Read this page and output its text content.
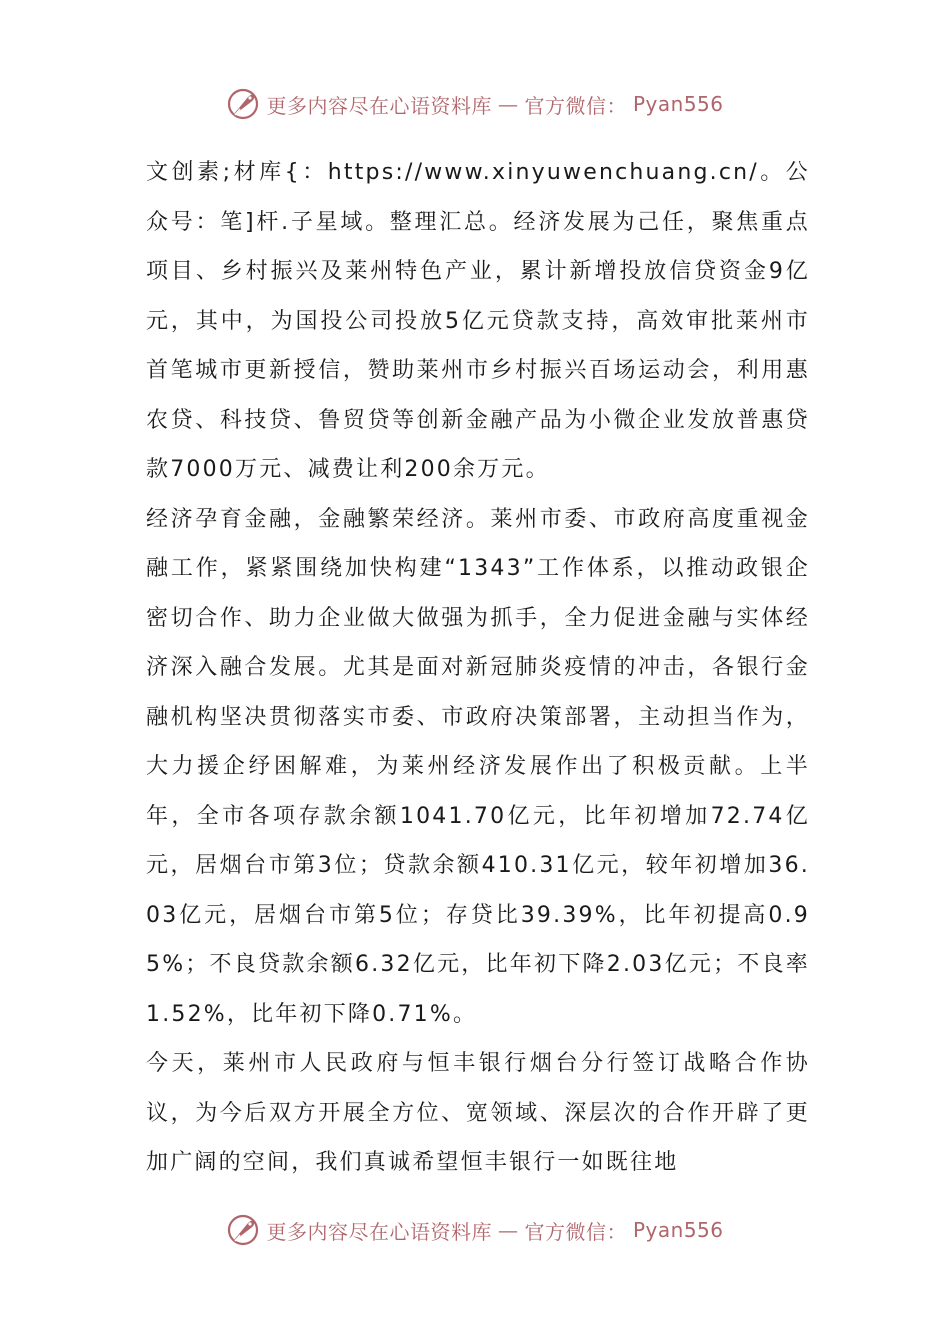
更多内容尽在心语资料库 — 官方微信： Pyan556

文创素;材库{：https://www.xinyuwenchuang.cn/。公众号：笔]杆.子星域。整理汇总。经济发展为己任，聚焦重点项目、乡村振兴及莱州特色产业，累计新增投放信贷资金9亿元，其中，为国投公司投放5亿元贷款支持，高效审批莱州市首笔城市更新授信，赞助莱州市乡村振兴百场运动会，利用惠农贷、科技贷、鲁贸贷等创新金融产品为小微企业发放普惠贷款7000万元、减费让利200余万元。

经济孕育金融，金融繁荣经济。莱州市委、市政府高度重视金融工作，紧紧围绕加快构建“1343”工作体系，以推动政银企密切合作、助力企业做大做强为抓手，全力促进金融与实体经济深入融合发展。尤其是面对新冠肺炎疫情的冲击，各银行金融机构坚决贯彻落实市委、市政府决策部署，主动担当作为，大力援企纾困解难，为莱州经济发展作出了积极贡献。上半年，全市各项存款余额1041.70亿元，比年初增加72.74亿元，居烟台市第3位；贷款余额410.31亿元，较年初增加36.03亿元，居烟台市第5位；存贷比39.39%，比年初提高0.95%；不良贷款余额6.32亿元，比年初下降2.03亿元；不良率1.52%，比年初下降0.71%。

今天，莱州市人民政府与恒丰银行烟台分行签订战略合作协议，为今后双方开展全方位、宽领域、深层次的合作开辟了更加广阔的空间，我们真诚希望恒丰银行一如既往地

更多内容尽在心语资料库 — 官方微信： Pyan556
